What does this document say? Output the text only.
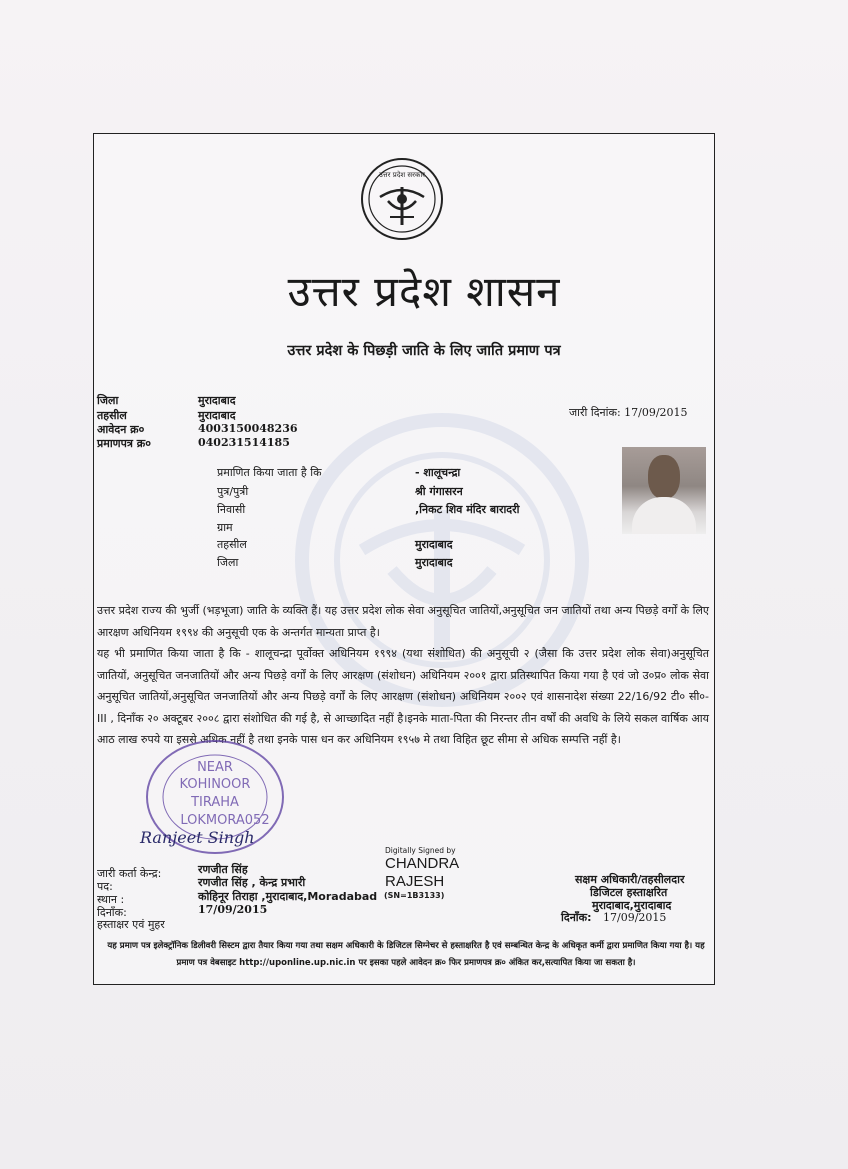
उत्तर प्रदेश सरकार
उत्तर प्रदेश शासन
उत्तर प्रदेश के पिछड़ी जाति के लिए जाति प्रमाण पत्र
जिला	मुरादाबाद
तहसील	मुरादाबाद
आवेदन क्र०	4003150048236
प्रमाणपत्र क्र०	040231514185
जारी दिनांक: 17/09/2015
प्रमाणित किया जाता है कि	- शालूचन्द्रा
पुत्र/पुत्री	श्री गंगासरन
निवासी	,निकट शिव मंदिर बारादरी
ग्राम
तहसील	मुरादाबाद
जिला	मुरादाबाद
उत्तर प्रदेश राज्य की भुर्जी (भड़भूजा) जाति के व्यक्ति हैं। यह उत्तर प्रदेश लोक सेवा अनुसूचित जातियों,अनुसूचित जन जातियों तथा अन्य पिछड़े वर्गों के लिए आरक्षण अधिनियम १९९४ की अनुसूची एक के अन्तर्गत मान्यता प्राप्त है।
यह भी प्रमाणित किया जाता है कि - शालूचन्द्रा पूर्वोक्त अधिनियम १९९४ (यथा संशोधित) की अनुसूची २ (जैसा कि उत्तर प्रदेश लोक सेवा)अनुसूचित जातियों, अनुसूचित जनजातियों और अन्य पिछड़े वर्गों के लिए आरक्षण (संशोधन) अधिनियम २००१ द्वारा प्रतिस्थापित किया गया है एवं जो उ०प्र० लोक सेवा अनुसूचित जातियों,अनुसूचित जनजातियों और अन्य पिछड़े वर्गों के लिए आरक्षण (संशोधन) अधिनियम २००२ एवं शासनादेश संख्या 22/16/92 टी० सी०-III , दिनाँक २० अक्टूबर २००८ द्वारा संशोधित की गई है, से आच्छादित नहीं है।इनके माता-पिता की निरन्तर तीन वर्षों की अवधि के लिये सकल वार्षिक आय आठ लाख रुपये या इससे अधिक नहीं है तथा इनके पास धन कर अधिनियम १९५७ मे तथा विहित छूट सीमा से अधिक सम्पत्ति नहीं है।
NEAR
KOHINOOR
TIRAHA
LOKMORA052
Ranjeet Singh
जारी कर्ता केन्द्र:	रणजीत सिंह
पद:	रणजीत सिंह , केन्द्र प्रभारी
स्थान :	कोहिनूर तिराहा ,मुरादाबाद,Moradabad
दिनाँक:	17/09/2015
हस्ताक्षर एवं मुहर
Digitally Signed by
CHANDRA
RAJESH
(SN=1B3133)
सक्षम अधिकारी/तहसीलदार
डिजिटल हस्ताक्षरित
मुरादाबाद,मुरादाबाद
दिनाँक: 17/09/2015
यह प्रमाण पत्र इलेक्ट्रॉनिक डिलीवरी सिस्टम द्वारा तैयार किया गया तथा सक्षम अधिकारी के डिजिटल सिग्नेचर से हस्ताक्षरित है एवं सम्बन्धित केन्द्र के अधिकृत कर्मी द्वारा प्रमाणित किया गया है। यह प्रमाण पत्र वेबसाइट http://uponline.up.nic.in पर इसका पहले आवेदन क्र० फिर प्रमाणपत्र क्र० अंकित कर,सत्यापित किया जा सकता है।
